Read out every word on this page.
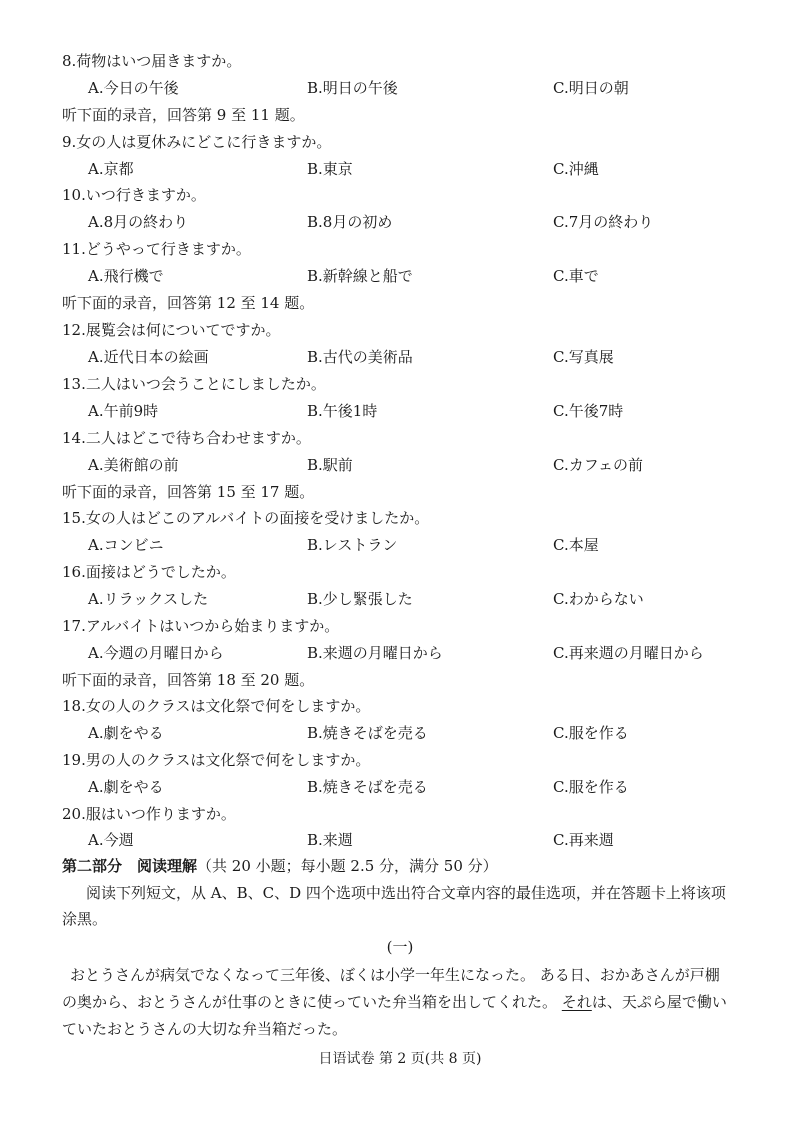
8.荷物はいつ届きますか。
A.今日の午後	B.明日の午後	C.明日の朝
听下面的录音，回答第 9 至 11 题。
9.女の人は夏休みにどこに行きますか。
A.京都	B.東京	C.沖縄
10.いつ行きますか。
A.8月の終わり	B.8月の初め	C.7月の終わり
11.どうやって行きますか。
A.飛行機で	B.新幹線と船で	C.車で
听下面的录音，回答第 12 至 14 题。
12.展覧会は何についてですか。
A.近代日本の絵画	B.古代の美術品	C.写真展
13.二人はいつ会うことにしましたか。
A.午前9時	B.午後1時	C.午後7時
14.二人はどこで待ち合わせますか。
A.美術館の前	B.駅前	C.カフェの前
听下面的录音，回答第 15 至 17 题。
15.女の人はどこのアルバイトの面接を受けましたか。
A.コンビニ	B.レストラン	C.本屋
16.面接はどうでしたか。
A.リラックスした	B.少し緊張した	C.わからない
17.アルバイトはいつから始まりますか。
A.今週の月曜日から	B.来週の月曜日から	C.再来週の月曜日から
听下面的录音，回答第 18 至 20 题。
18.女の人のクラスは文化祭で何をしますか。
A.劇をやる	B.焼きそばを売る	C.服を作る
19.男の人のクラスは文化祭で何をしますか。
A.劇をやる	B.焼きそばを売る	C.服を作る
20.服はいつ作りますか。
A.今週	B.来週	C.再来週
第二部分　阅读理解（共 20 小题；每小题 2.5 分，满分 50 分）
阅读下列短文，从 A、B、C、D 四个选项中选出符合文章内容的最佳选项，并在答题卡上将该项
涂黑。
(一)
おとうさんが病気でなくなって三年後、ぼくは小学一年生になった。 ある日、おかあさんが戸棚
の奥から、おとうさんが仕事のときに使っていた弁当箱を出してくれた。 それは、天ぷら屋で働い
ていたおとうさんの大切な弁当箱だった。
日语试卷 第 2 页(共 8 页)
